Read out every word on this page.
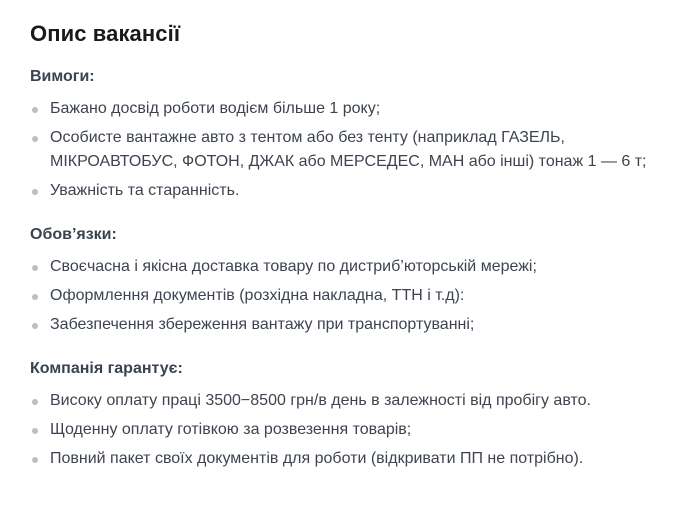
Опис вакансії
Вимоги:
Бажано досвід роботи водієм більше 1 року;
Особисте вантажне авто з тентом або без тенту (наприклад ГАЗЕЛЬ, МІКРОАВТОБУС, ФОТОН, ДЖАК або МЕРСЕДЕС, МАН або інші) тонаж 1 — 6 т;
Уважність та старанність.
Обов’язки:
Своєчасна і якісна доставка товару по дистриб’юторській мережі;
Оформлення документів (розхідна накладна, ТТН і т.д):
Забезпечення збереження вантажу при транспортуванні;
Компанія гарантує:
Високу оплату праці 3500−8500 грн/в день в залежності від пробігу авто.
Щоденну оплату готівкою за розвезення товарів;
Повний пакет своїх документів для роботи (відкривати ПП не потрібно).
